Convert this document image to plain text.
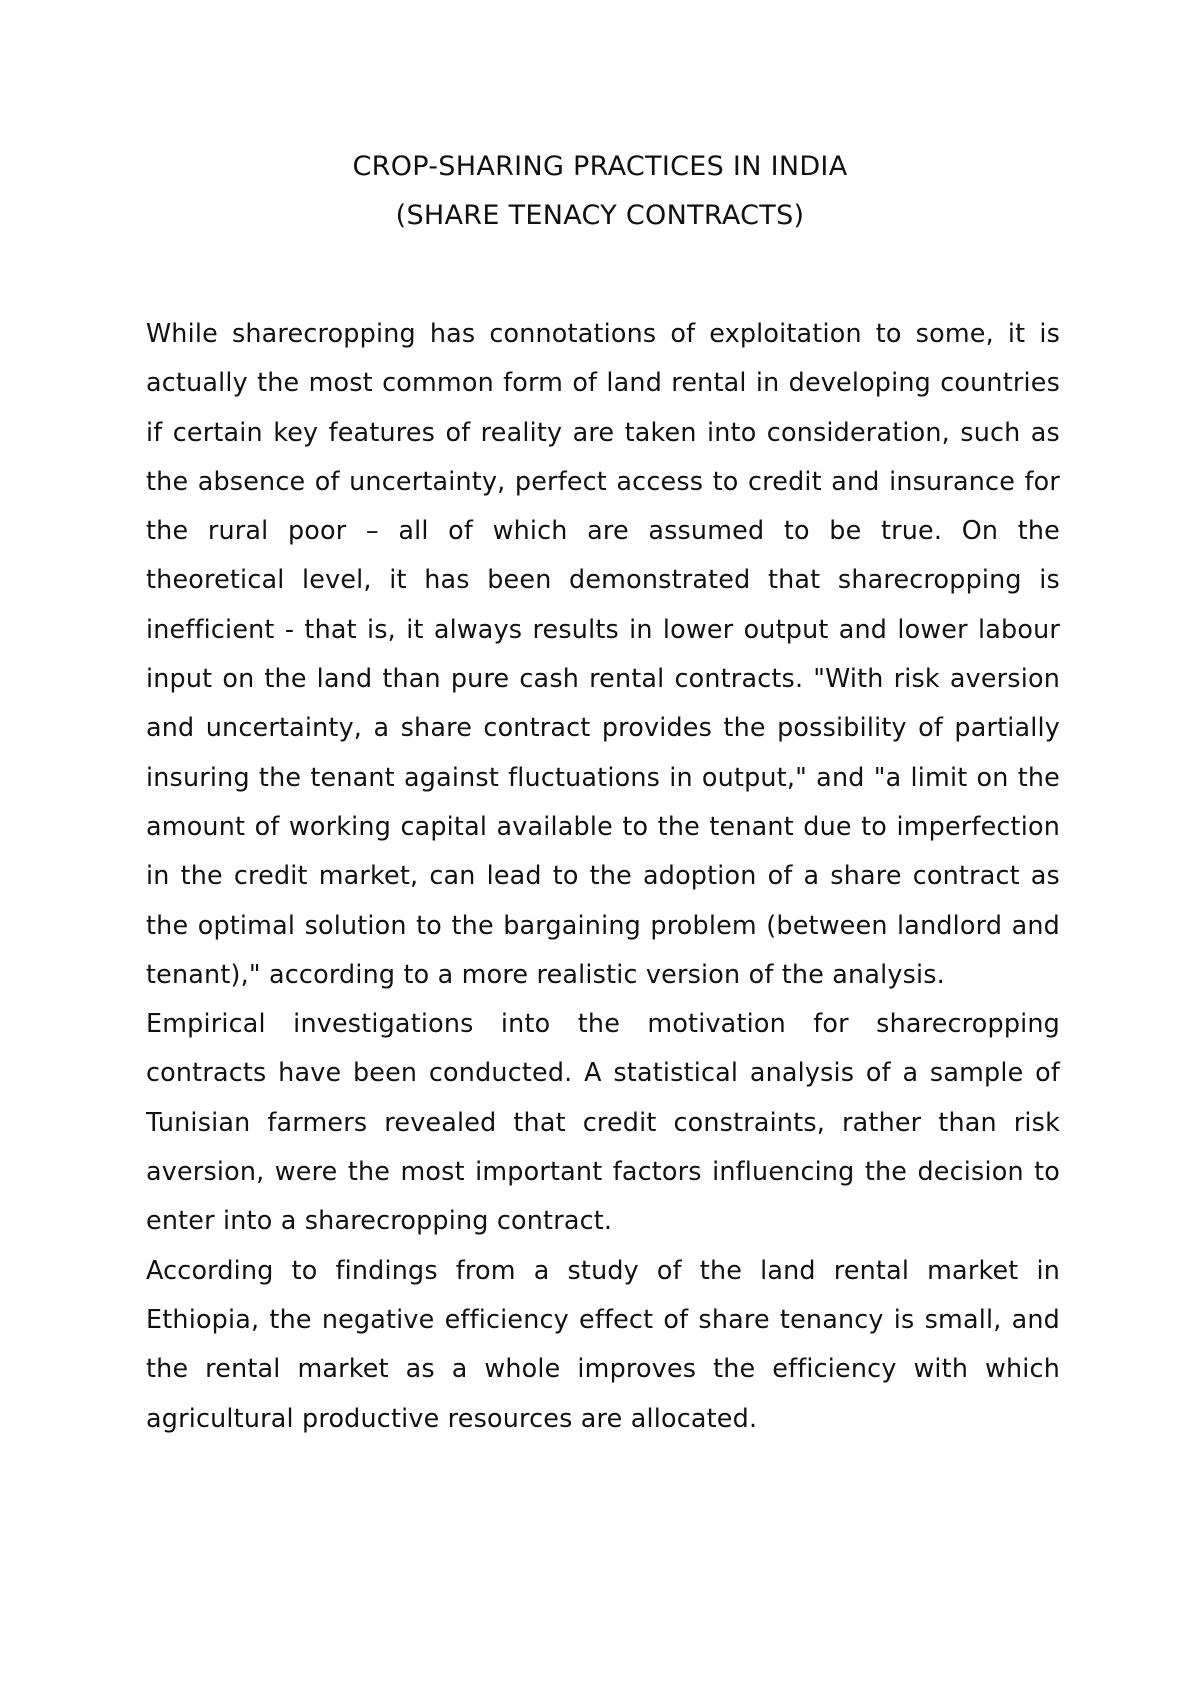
CROP-SHARING PRACTICES IN INDIA
(SHARE TENACY CONTRACTS)

While sharecropping has connotations of exploitation to some, it is actually the most common form of land rental in developing countries if certain key features of reality are taken into consideration, such as the absence of uncertainty, perfect access to credit and insurance for the rural poor – all of which are assumed to be true. On the theoretical level, it has been demonstrated that sharecropping is inefficient - that is, it always results in lower output and lower labour input on the land than pure cash rental contracts. "With risk aversion and uncertainty, a share contract provides the possibility of partially insuring the tenant against fluctuations in output," and "a limit on the amount of working capital available to the tenant due to imperfection in the credit market, can lead to the adoption of a share contract as the optimal solution to the bargaining problem (between landlord and tenant)," according to a more realistic version of the analysis.

Empirical investigations into the motivation for sharecropping contracts have been conducted. A statistical analysis of a sample of Tunisian farmers revealed that credit constraints, rather than risk aversion, were the most important factors influencing the decision to enter into a sharecropping contract.

According to findings from a study of the land rental market in Ethiopia, the negative efficiency effect of share tenancy is small, and the rental market as a whole improves the efficiency with which agricultural productive resources are allocated.
